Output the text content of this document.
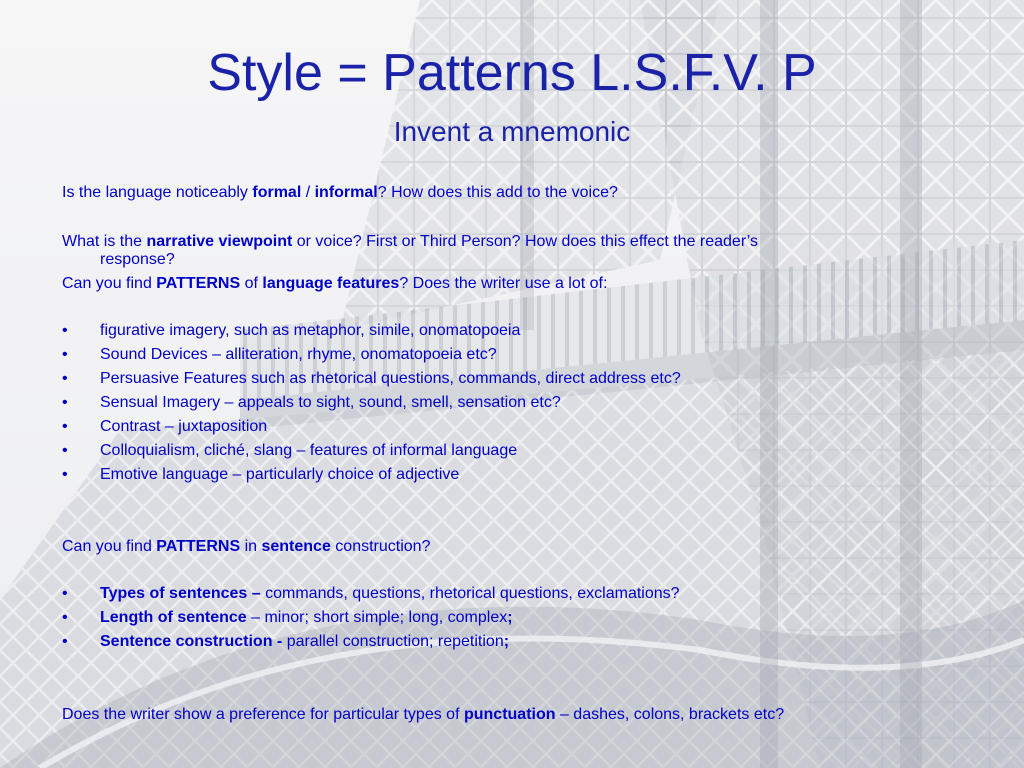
Style = Patterns L.S.F.V. P
Invent a mnemonic
Is the language noticeably formal / informal? How does this add to the voice?
What is the narrative viewpoint or voice? First or Third Person? How does this effect the reader’s
response?
Can you find PATTERNS of language features? Does the writer use a lot of:
• figurative imagery, such as metaphor, simile, onomatopoeia
• Sound Devices – alliteration, rhyme, onomatopoeia etc?
• Persuasive Features such as rhetorical questions, commands, direct address etc?
• Sensual Imagery – appeals to sight, sound, smell, sensation etc?
• Contrast – juxtaposition
• Colloquialism, cliché, slang – features of informal language
• Emotive language – particularly choice of adjective
Can you find PATTERNS in sentence construction?
• Types of sentences – commands, questions, rhetorical questions, exclamations?
• Length of sentence – minor; short simple; long, complex;
• Sentence construction - parallel construction; repetition;
Does the writer show a preference for particular types of punctuation – dashes, colons, brackets etc?
